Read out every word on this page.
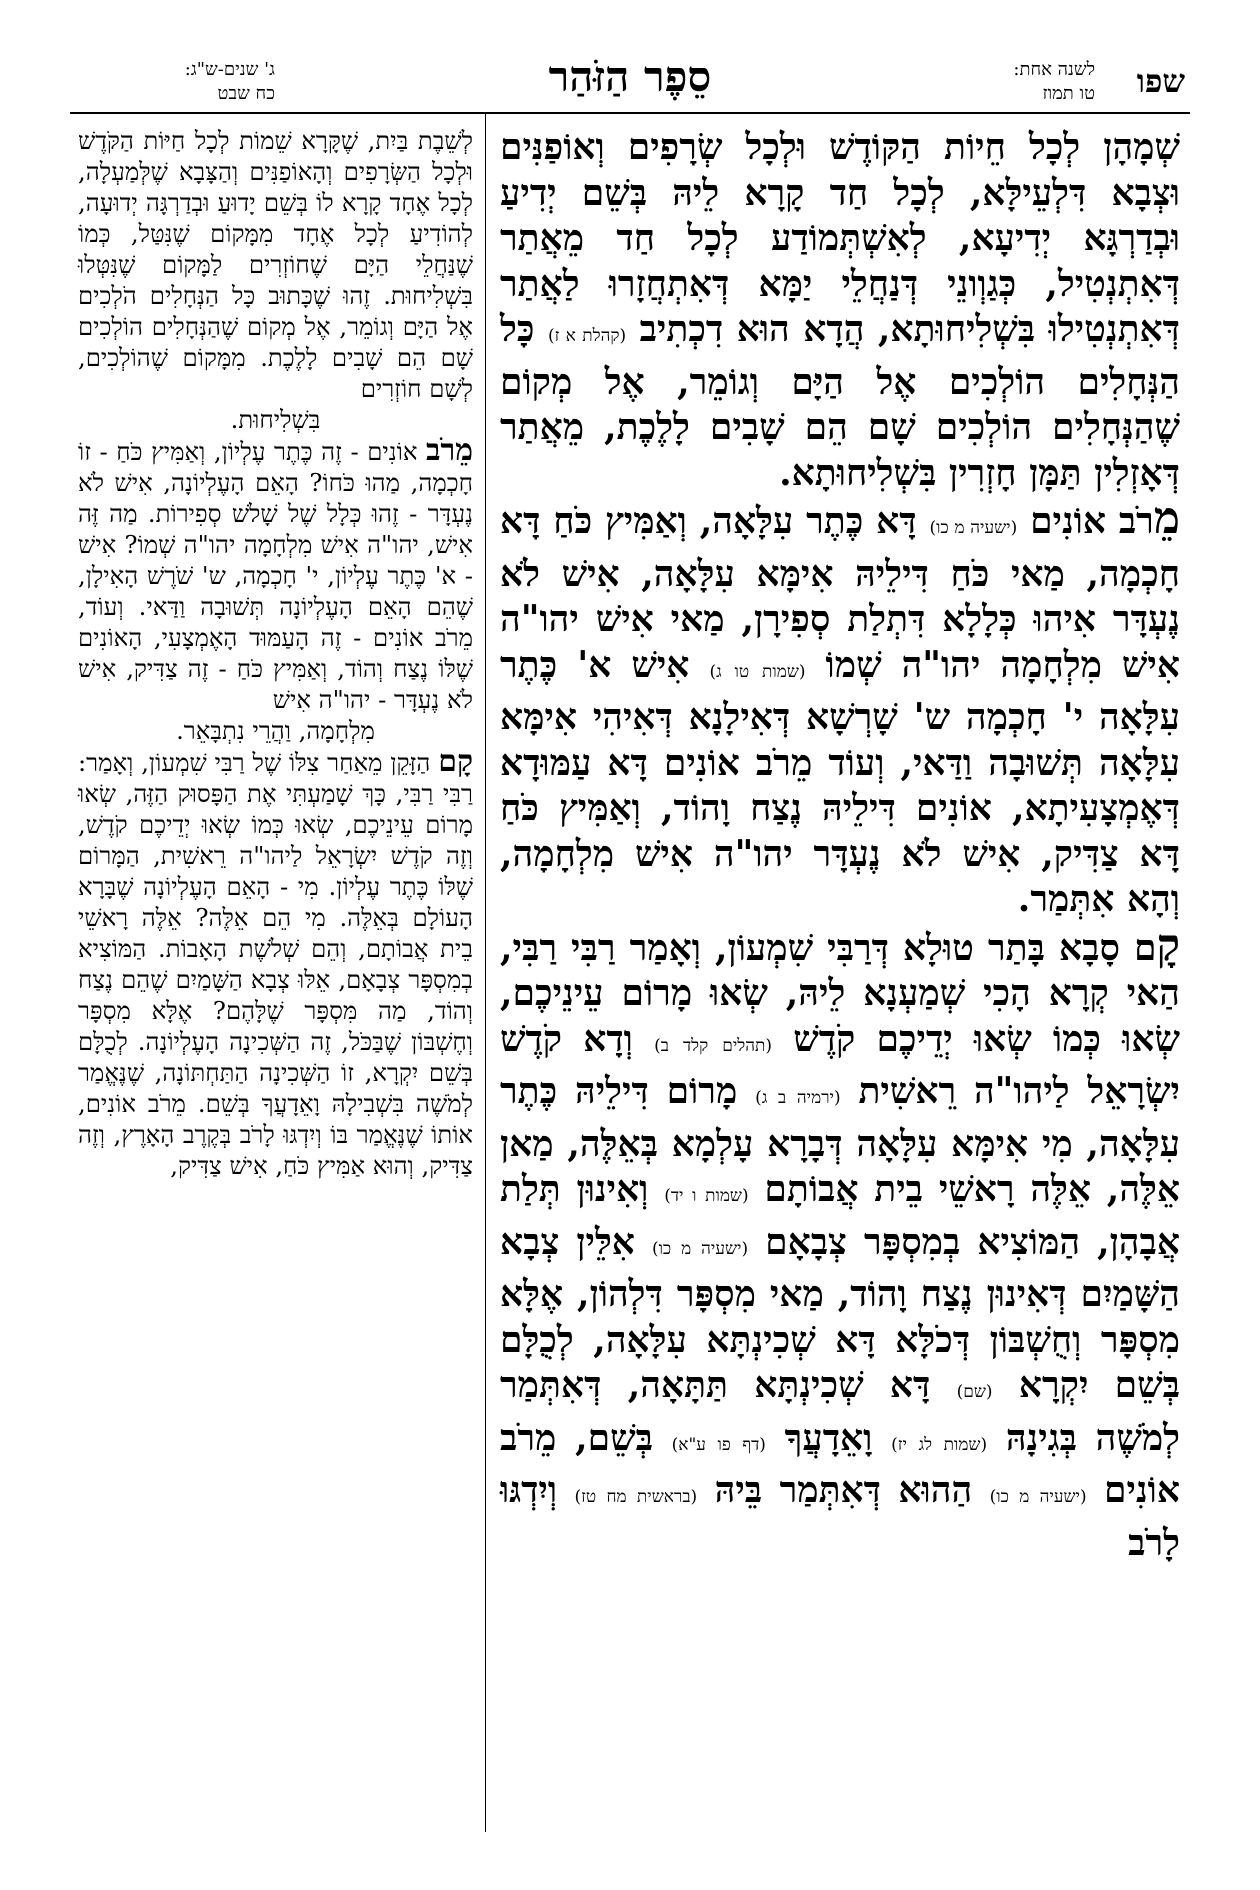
שפו
לשנה אחת:
טו תמוז
סֵפֶר הַזֹּהַר
ג' שנים-ש"ג:
כח שבט

שְׁמָהָן לְכָל חֵיוֹת הַקּוֹדֶשׁ וּלְכָל שְׂרָפִים וְאוֹפַנִּים וּצְבָא דִּלְעֵילָּא, לְכָל חַד קָרָא לֵיהּ בְּשֵׁם יְדִיעַ וּבְדַרְגָּא יְדִיעָא, לְאִשְׁתְּמוֹדַע לְכָל חַד מֵאֲתַר דְּאִתְנְטִיל, כְּגַוְונֵי דְּנַחֲלֵי יַמָּא דְּאִתְחֲזָרוּ לַאֲתַר דְּאִתְנְטִילוּ בִּשְׁלִיחוּתָא, הֲדָא הוּא דִכְתִיב (קהלת א ז) כָּל הַנְּחָלִים הוֹלְכִים אֶל הַיָּם וְגוֹמֵר, אֶל מְקוֹם שֶׁהַנְּחָלִים הוֹלְכִים שָׁם הֵם שָׁבִים לָלֶכֶת, מֵאֲתַר דְּאָזְלִין תַּמָּן חָזְרִין בִּשְׁלִיחוּתָא.

מֵרֹב אוֹנִים (ישעיה מ כו) דָּא כֶּתֶר עִלָּאָה, וְאַמִּיץ כֹּחַ דָּא חָכְמָה, מַאי כֹּחַ דִּילֵיהּ אִימָּא עִלָּאָה, אִישׁ לֹא נֶעְדָּר אִיהוּ כְּלָלָא דִּתְלַת סְפִירָן, מַאי אִישׁ יהו"ה אִישׁ מִלְחָמָה יהו"ה שְׁמוֹ (שמות טו ג) אִישׁ א' כֶּתֶר עִלָּאָה י' חָכְמָה ש' שָׁרְשָׁא דְּאִילָנָא דְּאִיהִי אִימָּא עִלָּאָה תְּשׁוּבָה וַדַּאי, וְעוֹד מֵרֹב אוֹנִים דָּא עַמּוּדָא דְּאֶמְצָעִיתָא, אוֹנִים דִּילֵיהּ נֶצַח וָהוֹד, וְאַמִּיץ כֹּחַ דָּא צַדִּיק, אִישׁ לֹא נֶעְדָּר יהו"ה אִישׁ מִלְחָמָה, וְהָא אִתְּמַר.

קָם סָבָא בָּתַר טוּלָא דְּרַבִּי שִׁמְעוֹן, וְאָמַר רַבִּי רַבִּי, הַאי קְרָא הָכִי שְׁמַעְנָא לֵיהּ, שְׂאוּ מָרוֹם עֵינֵיכֶם, שְׂאוּ כְּמוֹ שְׂאוּ יְדֵיכֶם קֹדֶשׁ (תהלים קלד ב) וְדָא קֹדֶשׁ יִשְׂרָאֵל לַיהו"ה רֵאשִׁית (ירמיה ב ג) מָרוֹם דִּילֵיהּ כֶּתֶר עִלָּאָה, מִי אִימָּא עִלָּאָה דְּבָרָא עָלְמָא בְּאֵלֶּה, מַאן אֵלֶּה, אֵלֶּה רָאשֵׁי בֵית אֲבוֹתָם (שמות ו יד) וְאִינוּן תְּלַת אֲבָהָן, הַמּוֹצִיא בְמִסְפָּר צְבָאָם (ישעיה מ כו) אִלֵּין צְבָא הַשָּׁמַיִם דְּאִינוּן נֶצַח וָהוֹד, מַאי מִסְפָּר דִּלְהוֹן, אֶלָּא מִסְפָּר וְחֻשְׁבּוֹן דְּכֹלָּא דָּא שְׁכִינְתָּא עִלָּאָה, לְכֻלָּם בְּשֵׁם יִקְרָא (שם) דָּא שְׁכִינְתָּא תַּתָּאָה, דְּאִתְּמַר לְמֹשֶׁה בְּגִינָהּ (שמות לג יז) וָאֵדָעֲךָ (דף פו ע"א) בְּשֵׁם, מֵרֹב אוֹנִים (ישעיה מ כו) הַהוּא דְּאִתְּמַר בֵּיהּ (בראשית מח טז) וְיִדְגּוּ לָרֹב

לְשֵׁבֶת בַּיִת, שֶׁקָּרָא שֵׁמוֹת לְכָל חַיּוֹת הַקֹּדֶשׁ וּלְכָל הַשְּׂרָפִים וְהָאוֹפַנִּים וְהַצָּבָא שֶׁלְּמַעְלָה, לְכָל אֶחָד קָרָא לוֹ בְּשֵׁם יָדוּעַ וּבְדַרְגָּה יְדוּעָה, לְהוֹדִיעַ לְכָל אֶחָד מִמָּקוֹם שֶׁנִּטַּל, כְּמוֹ שֶׁנַּחֲלֵי הַיָּם שֶׁחוֹזְרִים לַמָּקוֹם שֶׁנִּטְּלוּ בִּשְׁלִיחוּת. זֶהוּ שֶׁכָּתוּב כָּל הַנְּחָלִים הֹלְכִים אֶל הַיָּם וְגוֹמֵר, אֶל מְקוֹם שֶׁהַנְּחָלִים הוֹלְכִים שָׁם הֵם שָׁבִים לָלֶכֶת. מִמָּקוֹם שֶׁהוֹלְכִים, לְשָׁם חוֹזְרִים

בִּשְׁלִיחוּת.

מֵרֹב אוֹנִים - זֶה כֶּתֶר עֶלְיוֹן, וְאַמִּיץ כֹּחַ - זוֹ חָכְמָה, מַהוּ כֹּחוֹ? הָאֵם הָעֶלְיוֹנָה, אִישׁ לֹא נֶעְדָּר - זֶהוּ כְּלָל שֶׁל שָׁלֹשׁ סְפִירוֹת. מַה זֶּה אִישׁ, יהו"ה אִישׁ מִלְחָמָה יהו"ה שְׁמוֹ? אִישׁ - א' כֶּתֶר עֶלְיוֹן, י' חָכְמָה, ש' שֹׁרֶשׁ הָאִילָן, שֶׁהֵם הָאֵם הָעֶלְיוֹנָה תְּשׁוּבָה וַדַּאי. וְעוֹד, מֵרֹב אוֹנִים - זֶה הָעַמּוּד הָאֶמְצָעִי, הָאוֹנִים שֶׁלּוֹ נֶצַח וְהוֹד, וְאַמִּיץ כֹּחַ - זֶה צַדִּיק, אִישׁ לֹא נֶעְדָּר - יהו"ה אִישׁ

מִלְחָמָה, וַהֲרֵי נִתְבָּאֵר.

קָם הַזָּקֵן מֵאַחַר צִלּוֹ שֶׁל רַבִּי שִׁמְעוֹן, וְאָמַר: רַבִּי רַבִּי, כָּךְ שָׁמַעְתִּי אֶת הַפָּסוּק הַזֶּה, שְׂאוּ מָרוֹם עֵינֵיכֶם, שְׂאוּ כְּמוֹ שְׂאוּ יְדֵיכֶם קֹדֶשׁ, וְזֶה קֹדֶשׁ יִשְׂרָאֵל לַיהו"ה רֵאשִׁית, הַמָּרוֹם שֶׁלּוֹ כֶּתֶר עֶלְיוֹן. מִי - הָאֵם הָעֶלְיוֹנָה שֶׁבָּרָא הָעוֹלָם בְּאֵלֶּה. מִי הֵם אֵלֶּה? אֵלֶּה רָאשֵׁי בֵית אֲבוֹתָם, וְהֵם שְׁלֹשֶׁת הָאָבוֹת. הַמּוֹצִיא בְמִסְפָּר צְבָאָם, אֵלּוּ צְבָא הַשָּׁמַיִם שֶׁהֵם נֶצַח וְהוֹד, מַה מִּסְפָּר שֶׁלָּהֶם? אֶלָּא מִסְפָּר וְחֶשְׁבּוֹן שֶׁבַּכֹּל, זֶה הַשְּׁכִינָה הָעֶלְיוֹנָה. לְכֻלָּם בְּשֵׁם יִקְרָא, זוֹ הַשְּׁכִינָה הַתַּחְתּוֹנָה, שֶׁנֶּאֱמַר לְמֹשֶׁה בִּשְׁבִילָהּ וָאֵדָעֲךָ בְּשֵׁם. מֵרֹב אוֹנִים, אוֹתוֹ שֶׁנֶּאֱמַר בּוֹ וְיִדְגּוּ לָרֹב בְּקֶרֶב הָאָרֶץ, וְזֶה צַדִּיק, וְהוּא אַמִּיץ כֹּחַ, אִישׁ צַדִּיק,
